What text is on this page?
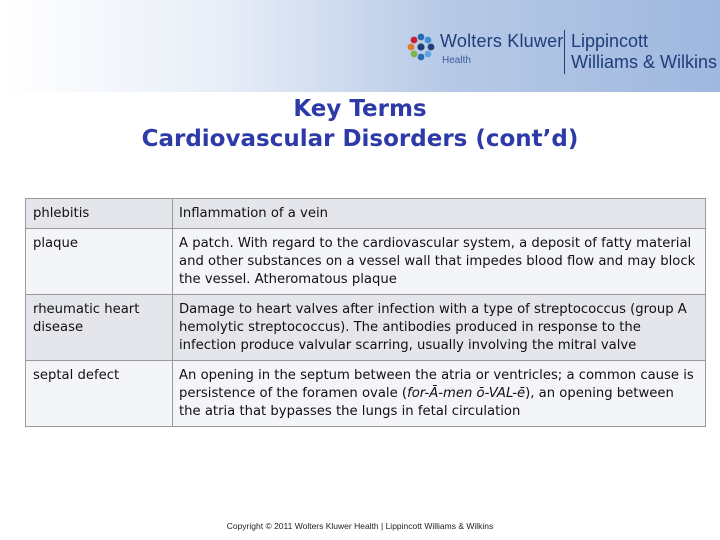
Wolters Kluwer
Health
Lippincott
Williams & Wilkins
Key Terms
Cardiovascular Disorders (cont’d)
phlebitis	Inflammation of a vein
plaque	A patch. With regard to the cardiovascular system, a deposit of fatty material and other substances on a vessel wall that impedes blood flow and may block the vessel. Atheromatous plaque
rheumatic heart disease	Damage to heart valves after infection with a type of streptococcus (group A hemolytic streptococcus). The antibodies produced in response to the infection produce valvular scarring, usually involving the mitral valve
septal defect	An opening in the septum between the atria or ventricles; a common cause is persistence of the foramen ovale (for-Ā-men ō-VAL-ē), an opening between the atria that bypasses the lungs in fetal circulation
Copyright © 2011 Wolters Kluwer Health | Lippincott Williams & Wilkins
